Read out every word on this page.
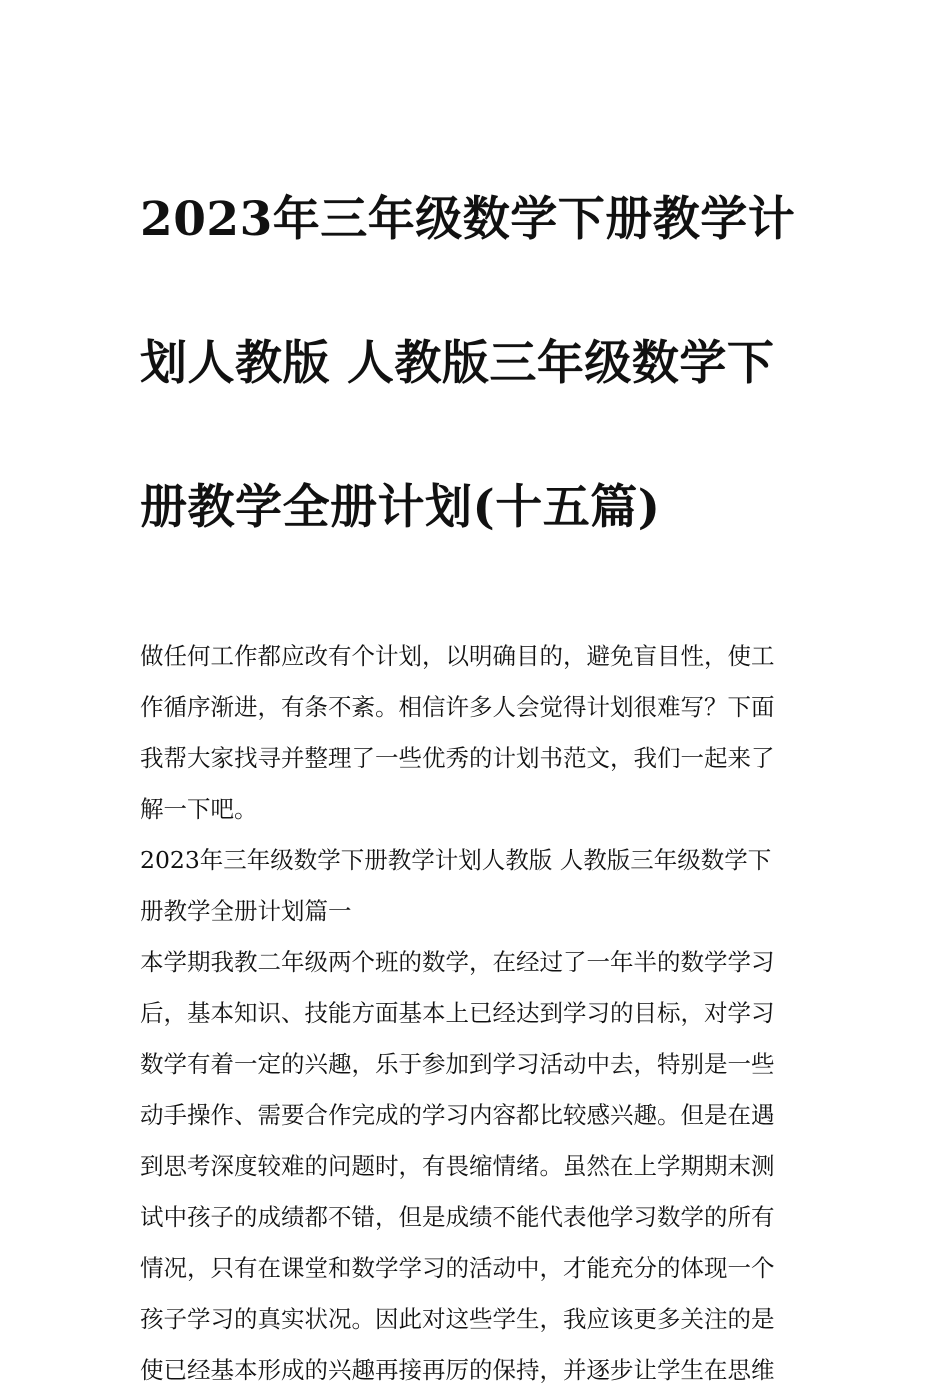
2023年三年级数学下册教学计

划人教版 人教版三年级数学下

册教学全册计划(十五篇)

做任何工作都应改有个计划，以明确目的，避免盲目性，使工
作循序渐进，有条不紊。相信许多人会觉得计划很难写？下面
我帮大家找寻并整理了一些优秀的计划书范文，我们一起来了
解一下吧。
2023年三年级数学下册教学计划人教版 人教版三年级数学下
册教学全册计划篇一
本学期我教二年级两个班的数学，在经过了一年半的数学学习
后，基本知识、技能方面基本上已经达到学习的目标，对学习
数学有着一定的兴趣，乐于参加到学习活动中去，特别是一些
动手操作、需要合作完成的学习内容都比较感兴趣。但是在遇
到思考深度较难的问题时，有畏缩情绪。虽然在上学期期末测
试中孩子的成绩都不错，但是成绩不能代表他学习数学的所有
情况，只有在课堂和数学学习的活动中，才能充分的体现一个
孩子学习的真实状况。因此对这些学生，我应该更多关注的是
使已经基本形成的兴趣再接再厉的保持，并逐步让学生在思维
